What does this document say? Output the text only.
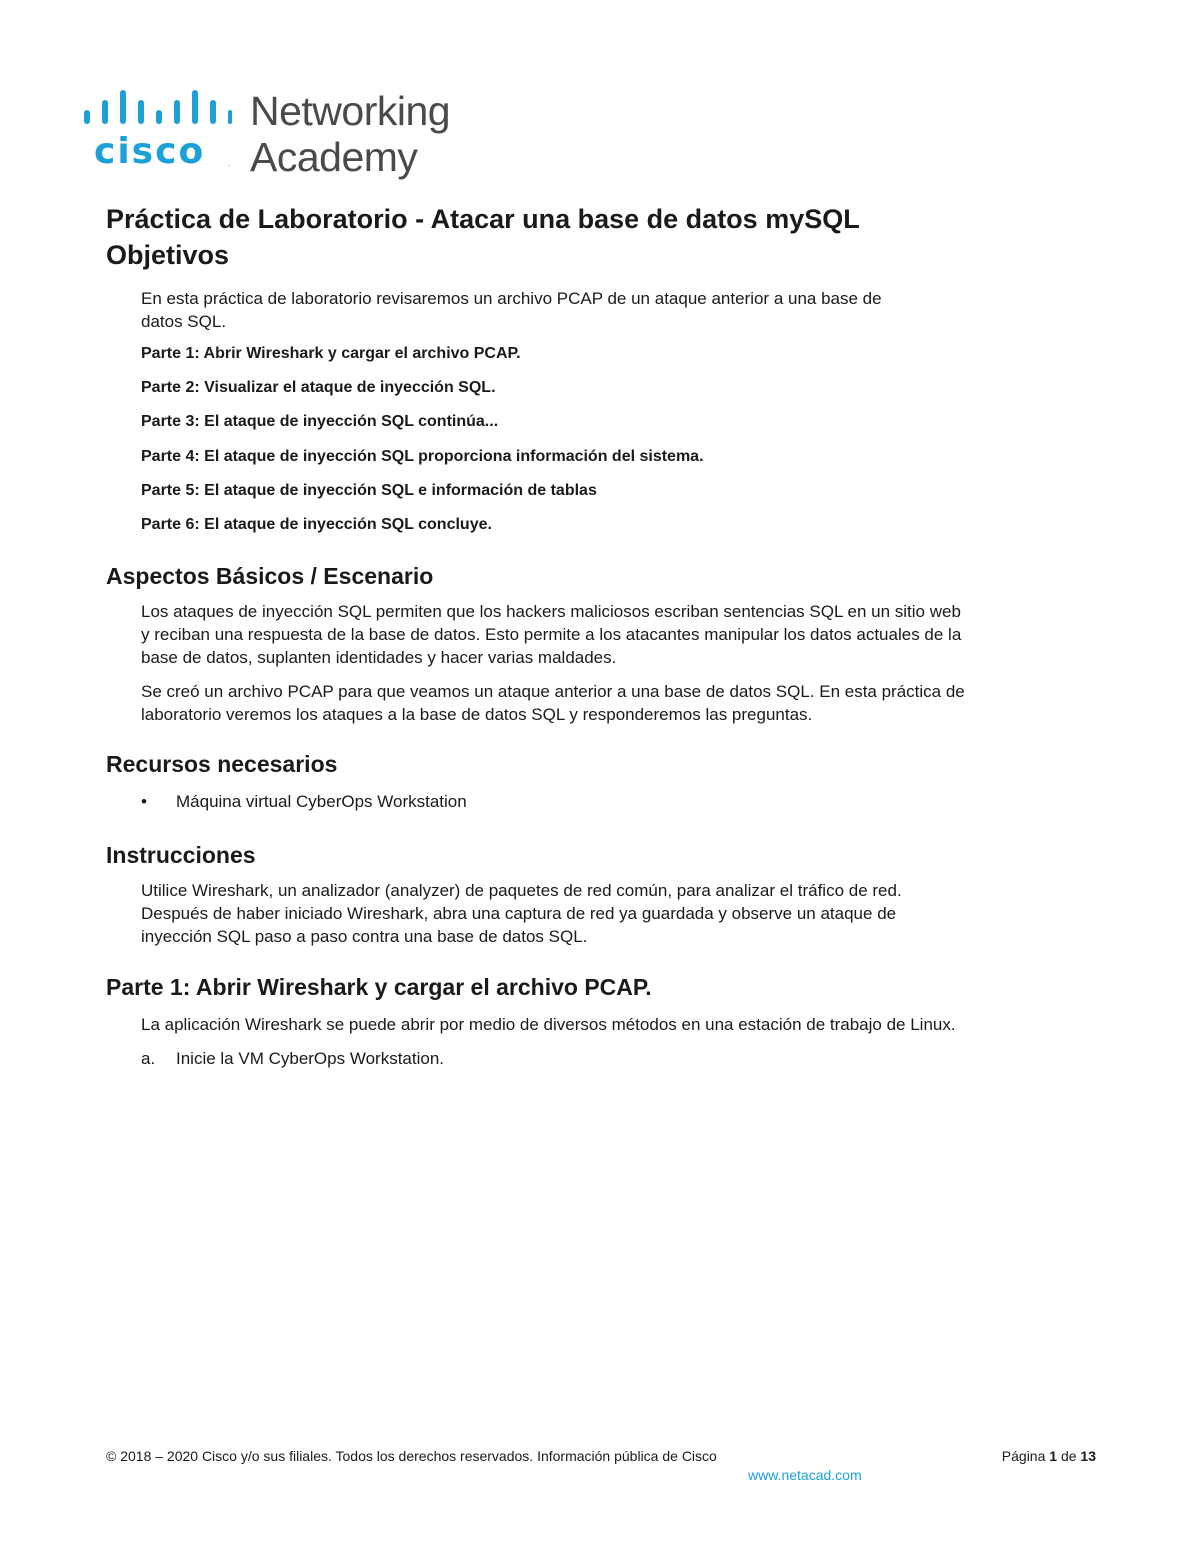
cisco	.
Networking
Academy
Práctica de Laboratorio - Atacar una base de datos mySQL
Objetivos

En esta práctica de laboratorio revisaremos un archivo PCAP de un ataque anterior a una base de

datos SQL.

Parte 1: Abrir Wireshark y cargar el archivo PCAP.

Parte 2: Visualizar el ataque de inyección SQL.

Parte 3: El ataque de inyección SQL continúa...

Parte 4: El ataque de inyección SQL proporciona información del sistema.

Parte 5: El ataque de inyección SQL e información de tablas

Parte 6: El ataque de inyección SQL concluye.

Aspectos Básicos / Escenario

Los ataques de inyección SQL permiten que los hackers maliciosos escriban sentencias SQL en un sitio web

y reciban una respuesta de la base de datos. Esto permite a los atacantes manipular los datos actuales de la

base de datos, suplanten identidades y hacer varias maldades.

Se creó un archivo PCAP para que veamos un ataque anterior a una base de datos SQL. En esta práctica de

laboratorio veremos los ataques a la base de datos SQL y responderemos las preguntas.

Recursos necesarios
• Máquina virtual CyberOps Workstation
Instrucciones

Utilice Wireshark, un analizador (analyzer) de paquetes de red común, para analizar el tráfico de red.

Después de haber iniciado Wireshark, abra una captura de red ya guardada y observe un ataque de

inyección SQL paso a paso contra una base de datos SQL.

Parte 1: Abrir Wireshark y cargar el archivo PCAP.

La aplicación Wireshark se puede abrir por medio de diversos métodos en una estación de trabajo de Linux.

a. Inicie la VM CyberOps Workstation.
© 2018 – 2020 Cisco y/o sus filiales. Todos los derechos reservados. Información pública de Cisco	Página 1 de 13
www.netacad.com
